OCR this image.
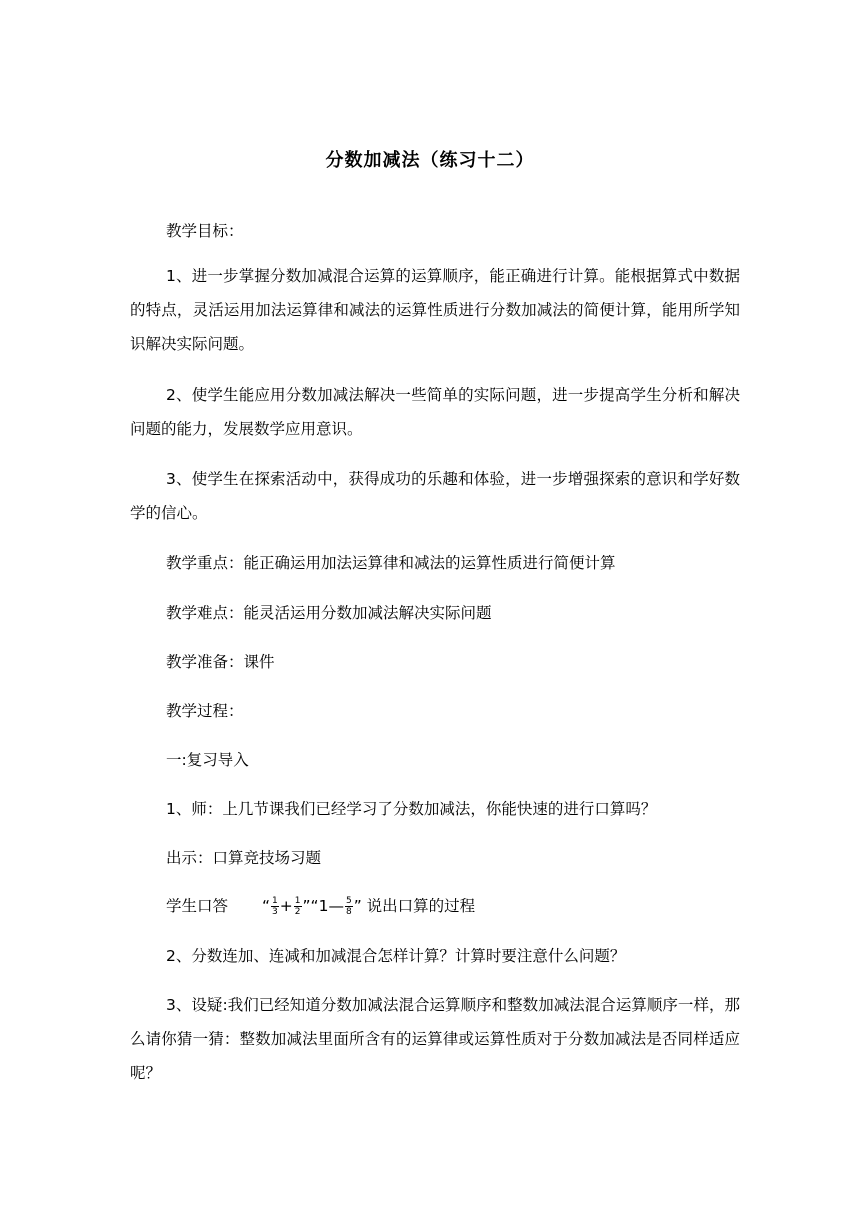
分数加减法（练习十二）
教学目标：
1、进一步掌握分数加减混合运算的运算顺序，能正确进行计算。能根据算式中数据的特点，灵活运用加法运算律和减法的运算性质进行分数加减法的简便计算，能用所学知识解决实际问题。
2、使学生能应用分数加减法解决一些简单的实际问题，进一步提高学生分析和解决问题的能力，发展数学应用意识。
3、使学生在探索活动中，获得成功的乐趣和体验，进一步增强探索的意识和学好数学的信心。
教学重点：能正确运用加法运算律和减法的运算性质进行简便计算
教学难点：能灵活运用分数加减法解决实际问题
教学准备：课件
教学过程：
一:复习导入
1、师：上几节课我们已经学习了分数加减法，你能快速的进行口算吗？
出示：口算竞技场习题
学生口答 “ $\frac{1}{3} + \frac{1}{2}$ ”“1— $\frac{5}{8}$ ” 说出口算的过程
2、分数连加、连减和加减混合怎样计算？计算时要注意什么问题？
3、设疑:我们已经知道分数加减法混合运算顺序和整数加减法混合运算顺序一样，那么请你猜一猜：整数加减法里面所含有的运算律或运算性质对于分数加减法是否同样适应呢？
